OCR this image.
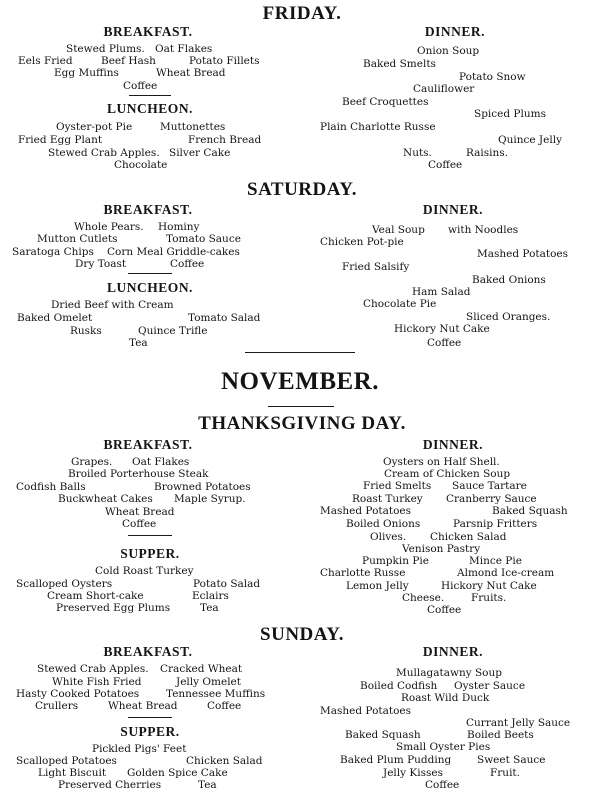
FRIDAY.
BREAKFAST.
Stewed Plums. Oat Flakes
Eels Fried	Beef Hash	Potato Fillets
Egg Muffins	Wheat Bread
Coffee
LUNCHEON.
Oyster-pot Pie	Muttonettes
Fried Egg Plant	French Bread
Stewed Crab Apples. Silver Cake
Chocolate
DINNER.
Onion Soup
Baked Smelts
Potato Snow
Cauliflower
Beef Croquettes
Spiced Plums
Plain Charlotte Russe
Quince Jelly
Nuts.	Raisins.
Coffee
SATURDAY.
BREAKFAST.
Whole Pears. Hominy
Mutton Cutlets	Tomato Sauce
Saratoga Chips Corn Meal Griddle-cakes
Dry Toast	Coffee
LUNCHEON.
Dried Beef with Cream
Baked Omelet	Tomato Salad
Rusks	Quince Trifle
Tea
DINNER.
Veal Soup with Noodles
Chicken Pot-pie
Mashed Potatoes
Fried Salsify
Baked Onions
Ham Salad
Chocolate Pie
Sliced Oranges.
Hickory Nut Cake
Coffee
NOVEMBER.
THANKSGIVING DAY.
BREAKFAST.
Grapes. Oat Flakes
Broiled Porterhouse Steak
Codfish Balls	Browned Potatoes
Buckwheat Cakes Maple Syrup.
Wheat Bread
Coffee
SUPPER.
Cold Roast Turkey
Scalloped Oysters	Potato Salad
Cream Short-cake	Eclairs
Preserved Egg Plums	Tea
DINNER.
Oysters on Half Shell.
Cream of Chicken Soup
Fried Smelts Sauce Tartare
Roast Turkey Cranberry Sauce
Mashed Potatoes	Baked Squash
Boiled Onions	Parsnip Fritters
Olives. Chicken Salad
Venison Pastry
Pumpkin Pie	Mince Pie
Charlotte Russe	Almond Ice-cream
Lemon Jelly	Hickory Nut Cake
Cheese.	Fruits.
Coffee
SUNDAY.
BREAKFAST.
Stewed Crab Apples. Cracked Wheat
White Fish Fried	Jelly Omelet
Hasty Cooked Potatoes	Tennessee Muffins
Crullers	Wheat Bread	Coffee
SUPPER.
Pickled Pigs' Feet
Scalloped Potatoes	Chicken Salad
Light Biscuit Golden Spice Cake
Preserved Cherries	Tea
DINNER.
Mullagatawny Soup
Boiled Codfish Oyster Sauce
Roast Wild Duck
Mashed Potatoes
Currant Jelly Sauce
Baked Squash	Boiled Beets
Small Oyster Pies
Baked Plum Pudding Sweet Sauce
Jelly Kisses	Fruit.
Coffee
